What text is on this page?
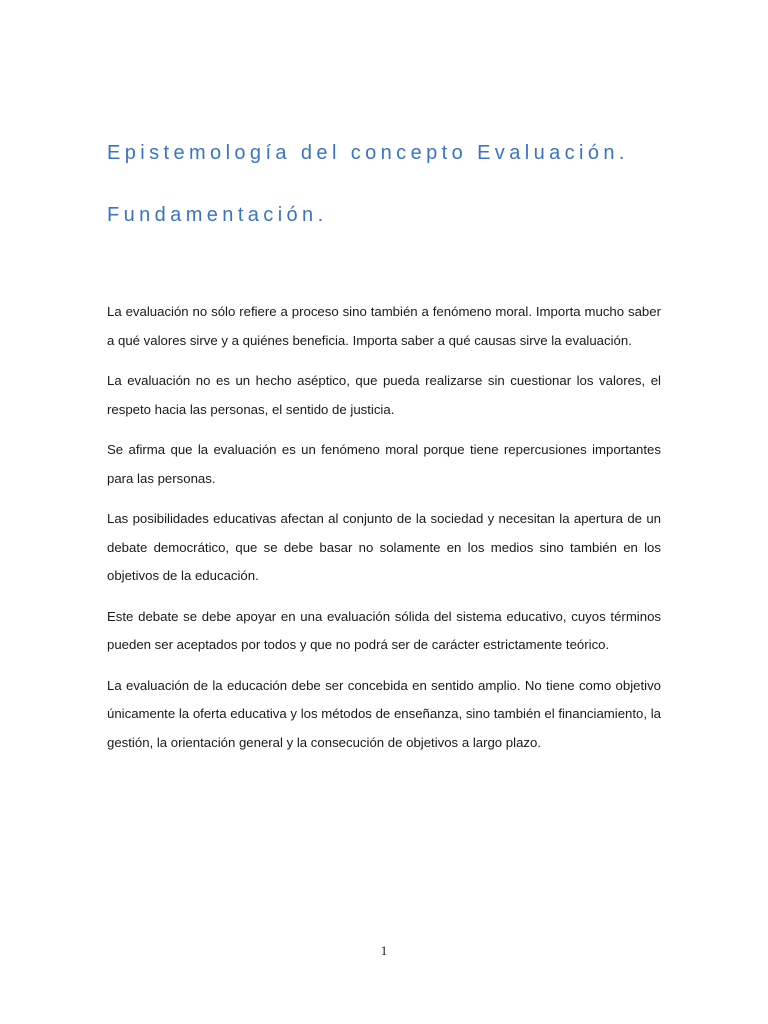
Epistemología del concepto Evaluación.
Fundamentación.

La evaluación no sólo refiere a proceso sino también a fenómeno moral. Importa mucho saber a qué valores sirve y a quiénes beneficia. Importa saber a qué causas sirve la evaluación.

La evaluación no es un hecho aséptico, que pueda realizarse sin cuestionar los valores, el respeto hacia las personas, el sentido de justicia.

Se afirma que la evaluación es un fenómeno moral porque tiene repercusiones importantes para las personas.

Las posibilidades educativas afectan al conjunto de la sociedad y necesitan la apertura de un debate democrático, que se debe basar no solamente en los medios sino también en los objetivos de la educación.

Este debate se debe apoyar en una evaluación sólida del sistema educativo, cuyos términos pueden ser aceptados por todos y que no podrá ser de carácter estrictamente teórico.

La evaluación de la educación debe ser concebida en sentido amplio. No tiene como objetivo únicamente la oferta educativa y los métodos de enseñanza, sino también el financiamiento, la gestión, la orientación general y la consecución de objetivos a largo plazo.

1
